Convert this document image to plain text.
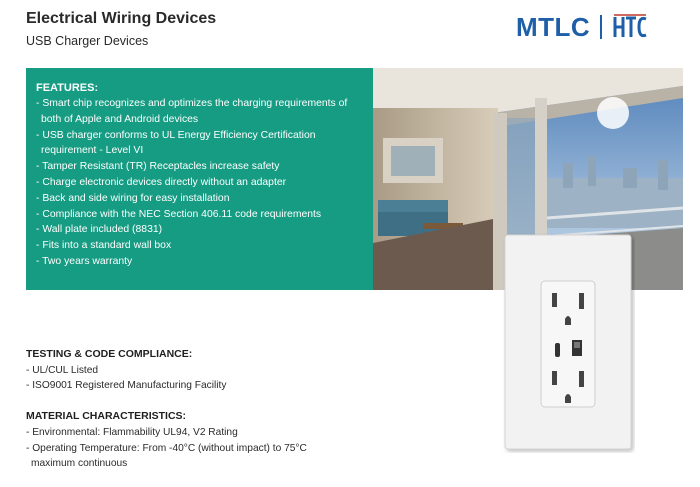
Electrical Wiring Devices
USB Charger Devices	MTLC
FEATURES:
- Smart chip recognizes and optimizes the charging requirements of
both of Apple and Android devices
- USB charger conforms to UL Energy Efficiency Certification
requirement - Level VI
- Tamper Resistant (TR) Receptacles increase safety
- Charge electronic devices directly without an adapter
- Back and side wiring for easy installation
- Compliance with the NEC Section 406.11 code requirements
- Wall plate included (8831)
- Fits into a standard wall box
- Two years warranty
TESTING & CODE COMPLIANCE:
- UL/CUL Listed
- ISO9001 Registered Manufacturing Facility
MATERIAL CHARACTERISTICS:
- Environmental: Flammability UL94, V2 Rating
- Operating Temperature: From -40°C (without impact) to 75°C
maximum continuous
